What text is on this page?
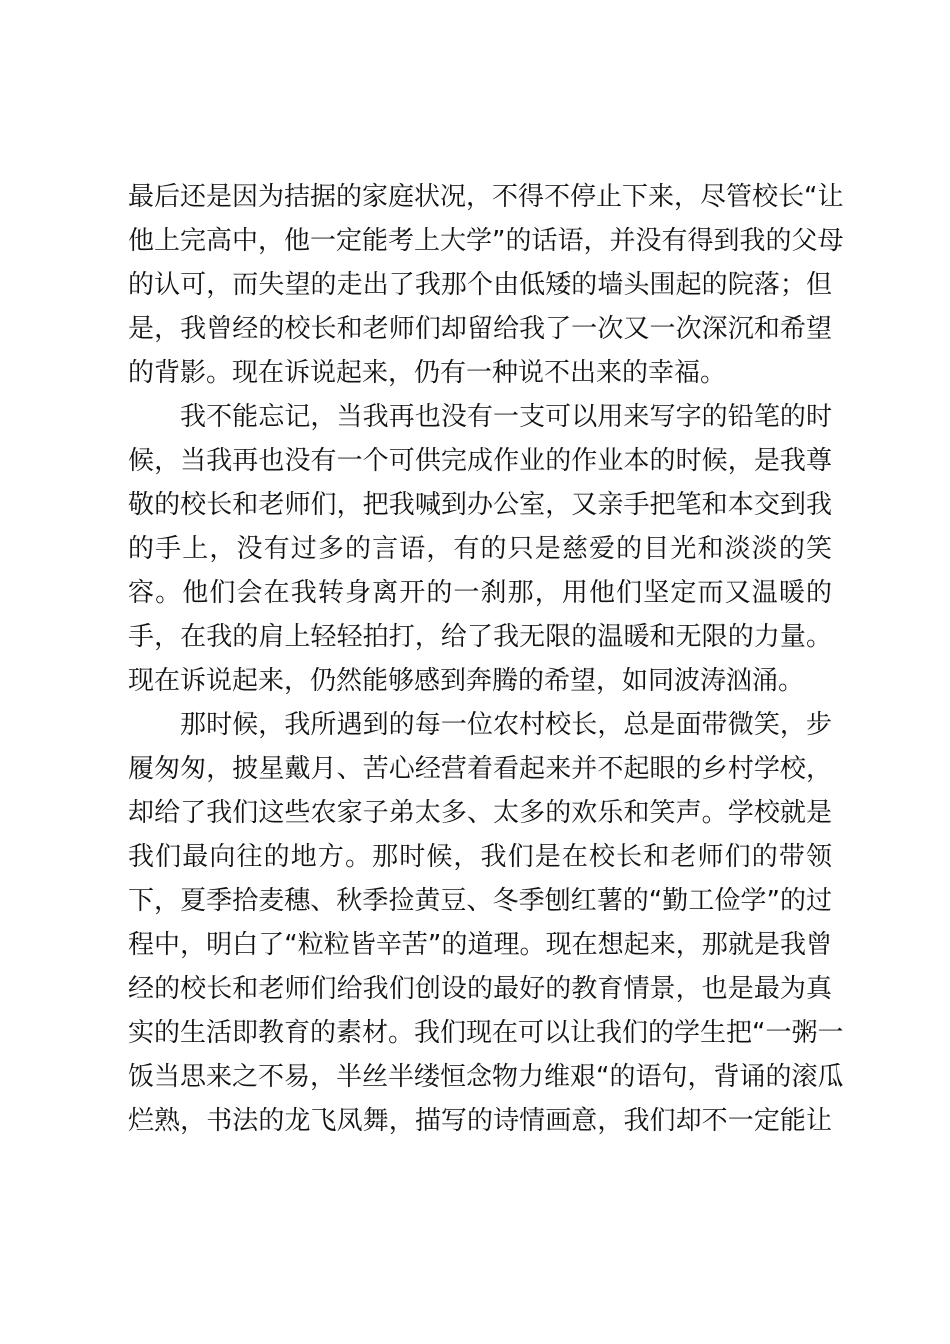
最后还是因为拮据的家庭状况，不得不停止下来，尽管校长“让
他上完高中，他一定能考上大学”的话语，并没有得到我的父母
的认可，而失望的走出了我那个由低矮的墙头围起的院落；但
是，我曾经的校长和老师们却留给我了一次又一次深沉和希望
的背影。现在诉说起来，仍有一种说不出来的幸福。
我不能忘记，当我再也没有一支可以用来写字的铅笔的时
候，当我再也没有一个可供完成作业的作业本的时候，是我尊
敬的校长和老师们，把我喊到办公室，又亲手把笔和本交到我
的手上，没有过多的言语，有的只是慈爱的目光和淡淡的笑
容。他们会在我转身离开的一刹那，用他们坚定而又温暖的
手，在我的肩上轻轻拍打，给了我无限的温暖和无限的力量。
现在诉说起来，仍然能够感到奔腾的希望，如同波涛汹涌。
那时候，我所遇到的每一位农村校长，总是面带微笑，步
履匆匆，披星戴月、苦心经营着看起来并不起眼的乡村学校，
却给了我们这些农家子弟太多、太多的欢乐和笑声。学校就是
我们最向往的地方。那时候，我们是在校长和老师们的带领
下，夏季拾麦穗、秋季捡黄豆、冬季刨红薯的“勤工俭学”的过
程中，明白了“粒粒皆辛苦”的道理。现在想起来，那就是我曾
经的校长和老师们给我们创设的最好的教育情景，也是最为真
实的生活即教育的素材。我们现在可以让我们的学生把“一粥一
饭当思来之不易，半丝半缕恒念物力维艰“的语句，背诵的滚瓜
烂熟，书法的龙飞凤舞，描写的诗情画意，我们却不一定能让
